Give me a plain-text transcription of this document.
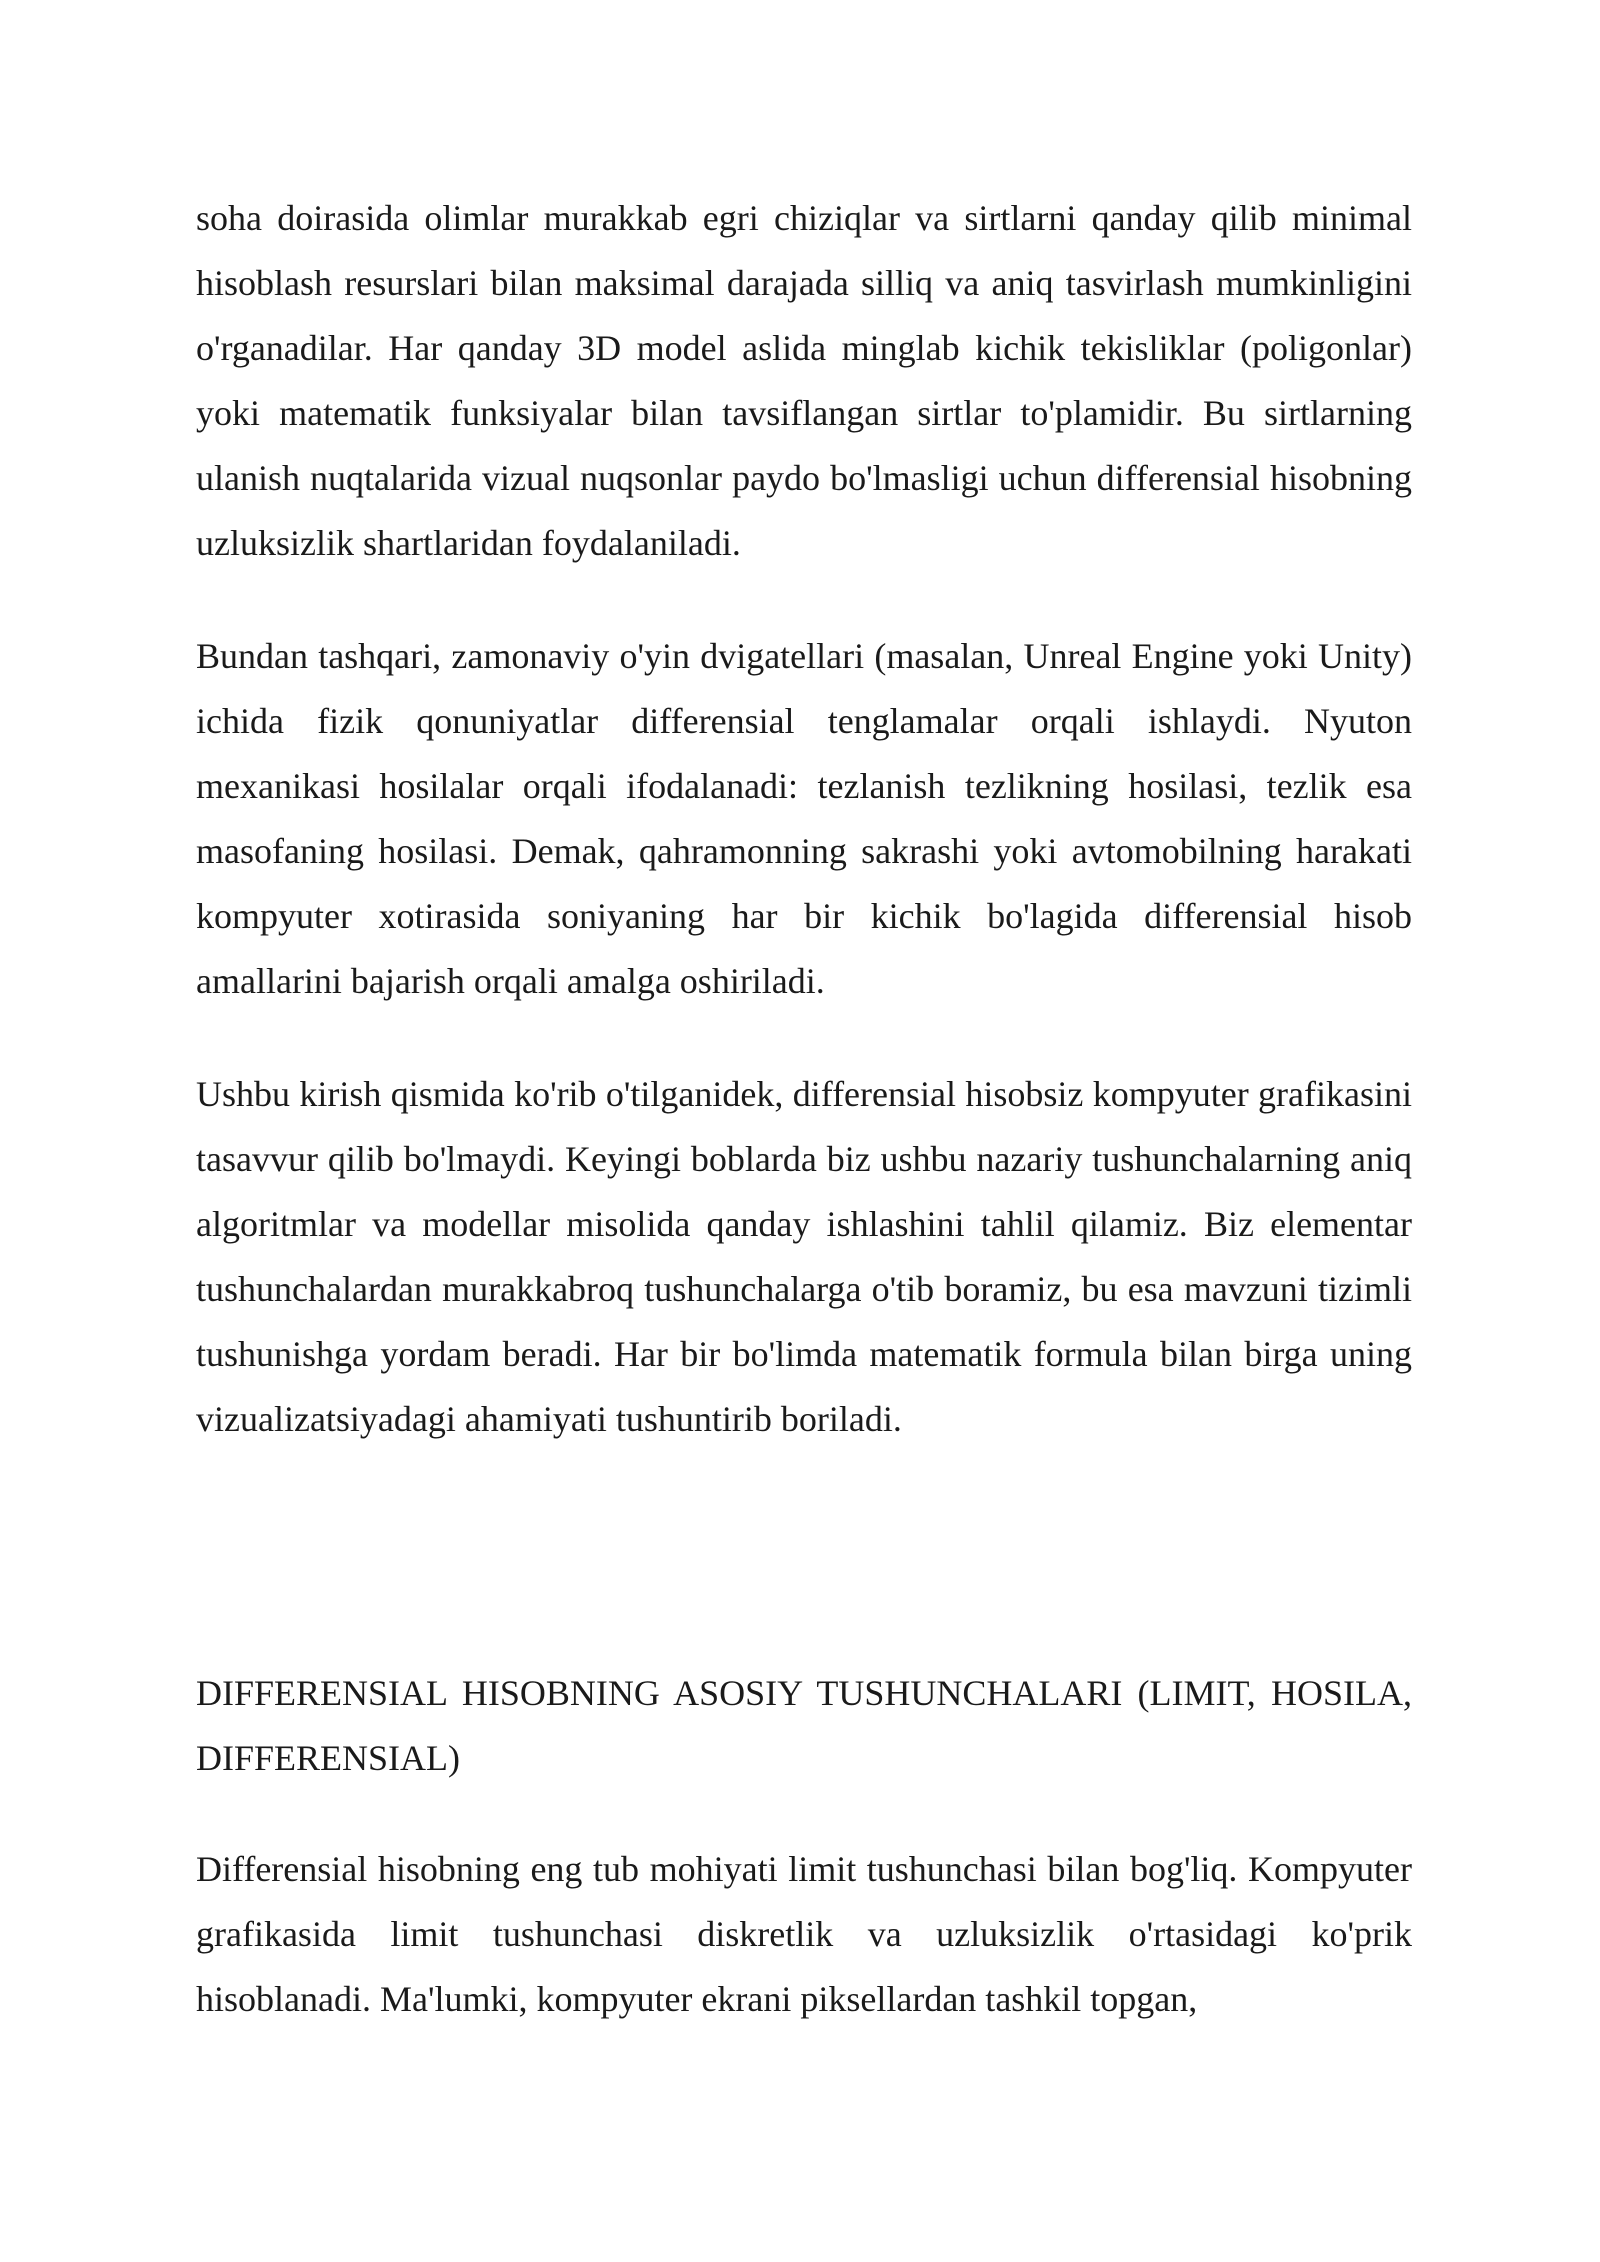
soha doirasida olimlar murakkab egri chiziqlar va sirtlarni qanday qilib minimal hisoblash resurslari bilan maksimal darajada silliq va aniq tasvirlash mumkinligini o'rganadilar. Har qanday 3D model aslida minglab kichik tekisliklar (poligonlar) yoki matematik funksiyalar bilan tavsiflangan sirtlar to'plamidir. Bu sirtlarning ulanish nuqtalarida vizual nuqsonlar paydo bo'lmasligi uchun differensial hisobning uzluksizlik shartlaridan foydalaniladi.

Bundan tashqari, zamonaviy o'yin dvigatellari (masalan, Unreal Engine yoki Unity) ichida fizik qonuniyatlar differensial tenglamalar orqali ishlaydi. Nyuton mexanikasi hosilalar orqali ifodalanadi: tezlanish tezlikning hosilasi, tezlik esa masofaning hosilasi. Demak, qahramonning sakrashi yoki avtomobilning harakati kompyuter xotirasida soniyaning har bir kichik bo'lagida differensial hisob amallarini bajarish orqali amalga oshiriladi.

Ushbu kirish qismida ko'rib o'tilganidek, differensial hisobsiz kompyuter grafikasini tasavvur qilib bo'lmaydi. Keyingi boblarda biz ushbu nazariy tushunchalarning aniq algoritmlar va modellar misolida qanday ishlashini tahlil qilamiz. Biz elementar tushunchalardan murakkabroq tushunchalarga o'tib boramiz, bu esa mavzuni tizimli tushunishga yordam beradi. Har bir bo'limda matematik formula bilan birga uning vizualizatsiyadagi ahamiyati tushuntirib boriladi.

DIFFERENSIAL HISOBNING ASOSIY TUSHUNCHALARI (LIMIT, HOSILA, DIFFERENSIAL)

Differensial hisobning eng tub mohiyati limit tushunchasi bilan bog'liq. Kompyuter grafikasida limit tushunchasi diskretlik va uzluksizlik o'rtasidagi ko'prik hisoblanadi. Ma'lumki, kompyuter ekrani piksellardan tashkil topgan,
